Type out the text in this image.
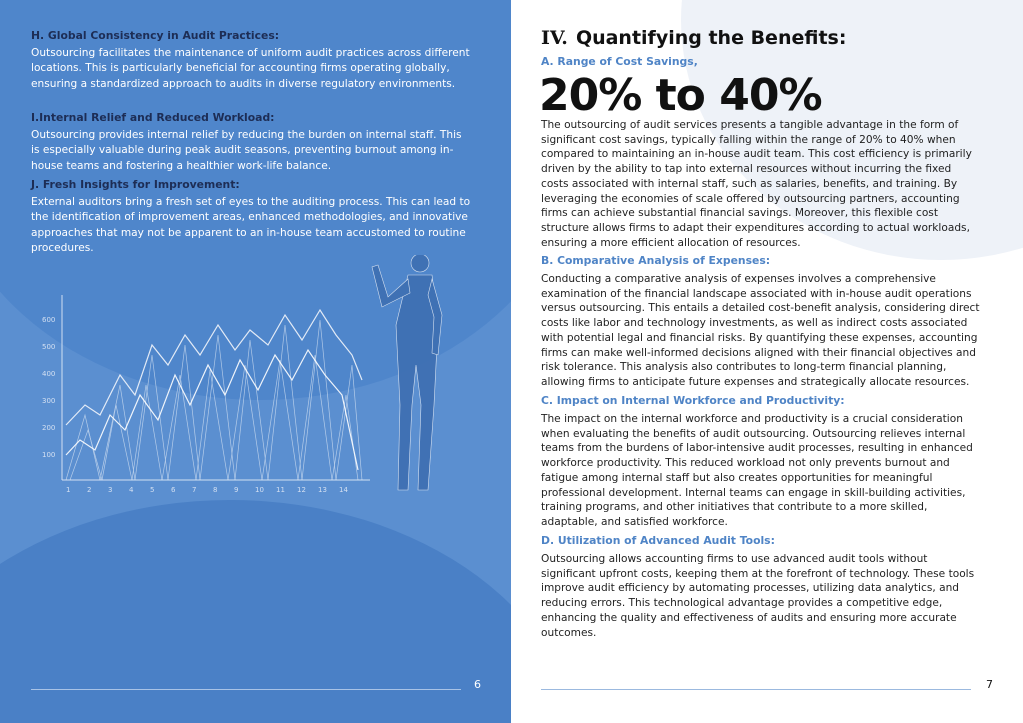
H. Global Consistency in Audit Practices:
Outsourcing facilitates the maintenance of uniform audit practices across different locations. This is particularly beneficial for accounting firms operating globally, ensuring a standardized approach to audits in diverse regulatory environments.
I.Internal Relief and Reduced Workload:
Outsourcing provides internal relief by reducing the burden on internal staff. This is especially valuable during peak audit seasons, preventing burnout among in-house teams and fostering a healthier work-life balance.
J. Fresh Insights for Improvement:
External auditors bring a fresh set of eyes to the auditing process. This can lead to the identification of improvement areas, enhanced methodologies, and innovative approaches that may not be apparent to an in-house team accustomed to routine procedures.
600
500
400
300
200
100
1 2 3 4 5 6 7 8 9 10 11 12 13 14
IV. Quantifying the Benefits:
A. Range of Cost Savings,
20% to 40%
The outsourcing of audit services presents a tangible advantage in the form of significant cost savings, typically falling within the range of 20% to 40% when compared to maintaining an in-house audit team. This cost efficiency is primarily driven by the ability to tap into external resources without incurring the fixed costs associated with internal staff, such as salaries, benefits, and training. By leveraging the economies of scale offered by outsourcing partners, accounting firms can achieve substantial financial savings. Moreover, this flexible cost structure allows firms to adapt their expenditures according to actual workloads, ensuring a more efficient allocation of resources.
B. Comparative Analysis of Expenses:
Conducting a comparative analysis of expenses involves a comprehensive examination of the financial landscape associated with in-house audit operations versus outsourcing. This entails a detailed cost-benefit analysis, considering direct costs like labor and technology investments, as well as indirect costs associated with potential legal and financial risks. By quantifying these expenses, accounting firms can make well-informed decisions aligned with their financial objectives and risk tolerance. This analysis also contributes to long-term financial planning, allowing firms to anticipate future expenses and strategically allocate resources.
C. Impact on Internal Workforce and Productivity:
The impact on the internal workforce and productivity is a crucial consideration when evaluating the benefits of audit outsourcing. Outsourcing relieves internal teams from the burdens of labor-intensive audit processes, resulting in enhanced workforce productivity. This reduced workload not only prevents burnout and fatigue among internal staff but also creates opportunities for meaningful professional development. Internal teams can engage in skill-building activities, training programs, and other initiatives that contribute to a more skilled, adaptable, and satisfied workforce.
D. Utilization of Advanced Audit Tools:
Outsourcing allows accounting firms to use advanced audit tools without significant upfront costs, keeping them at the forefront of technology. These tools improve audit efficiency by automating processes, utilizing data analytics, and reducing errors. This technological advantage provides a competitive edge, enhancing the quality and effectiveness of audits and ensuring more accurate outcomes.
6	7
